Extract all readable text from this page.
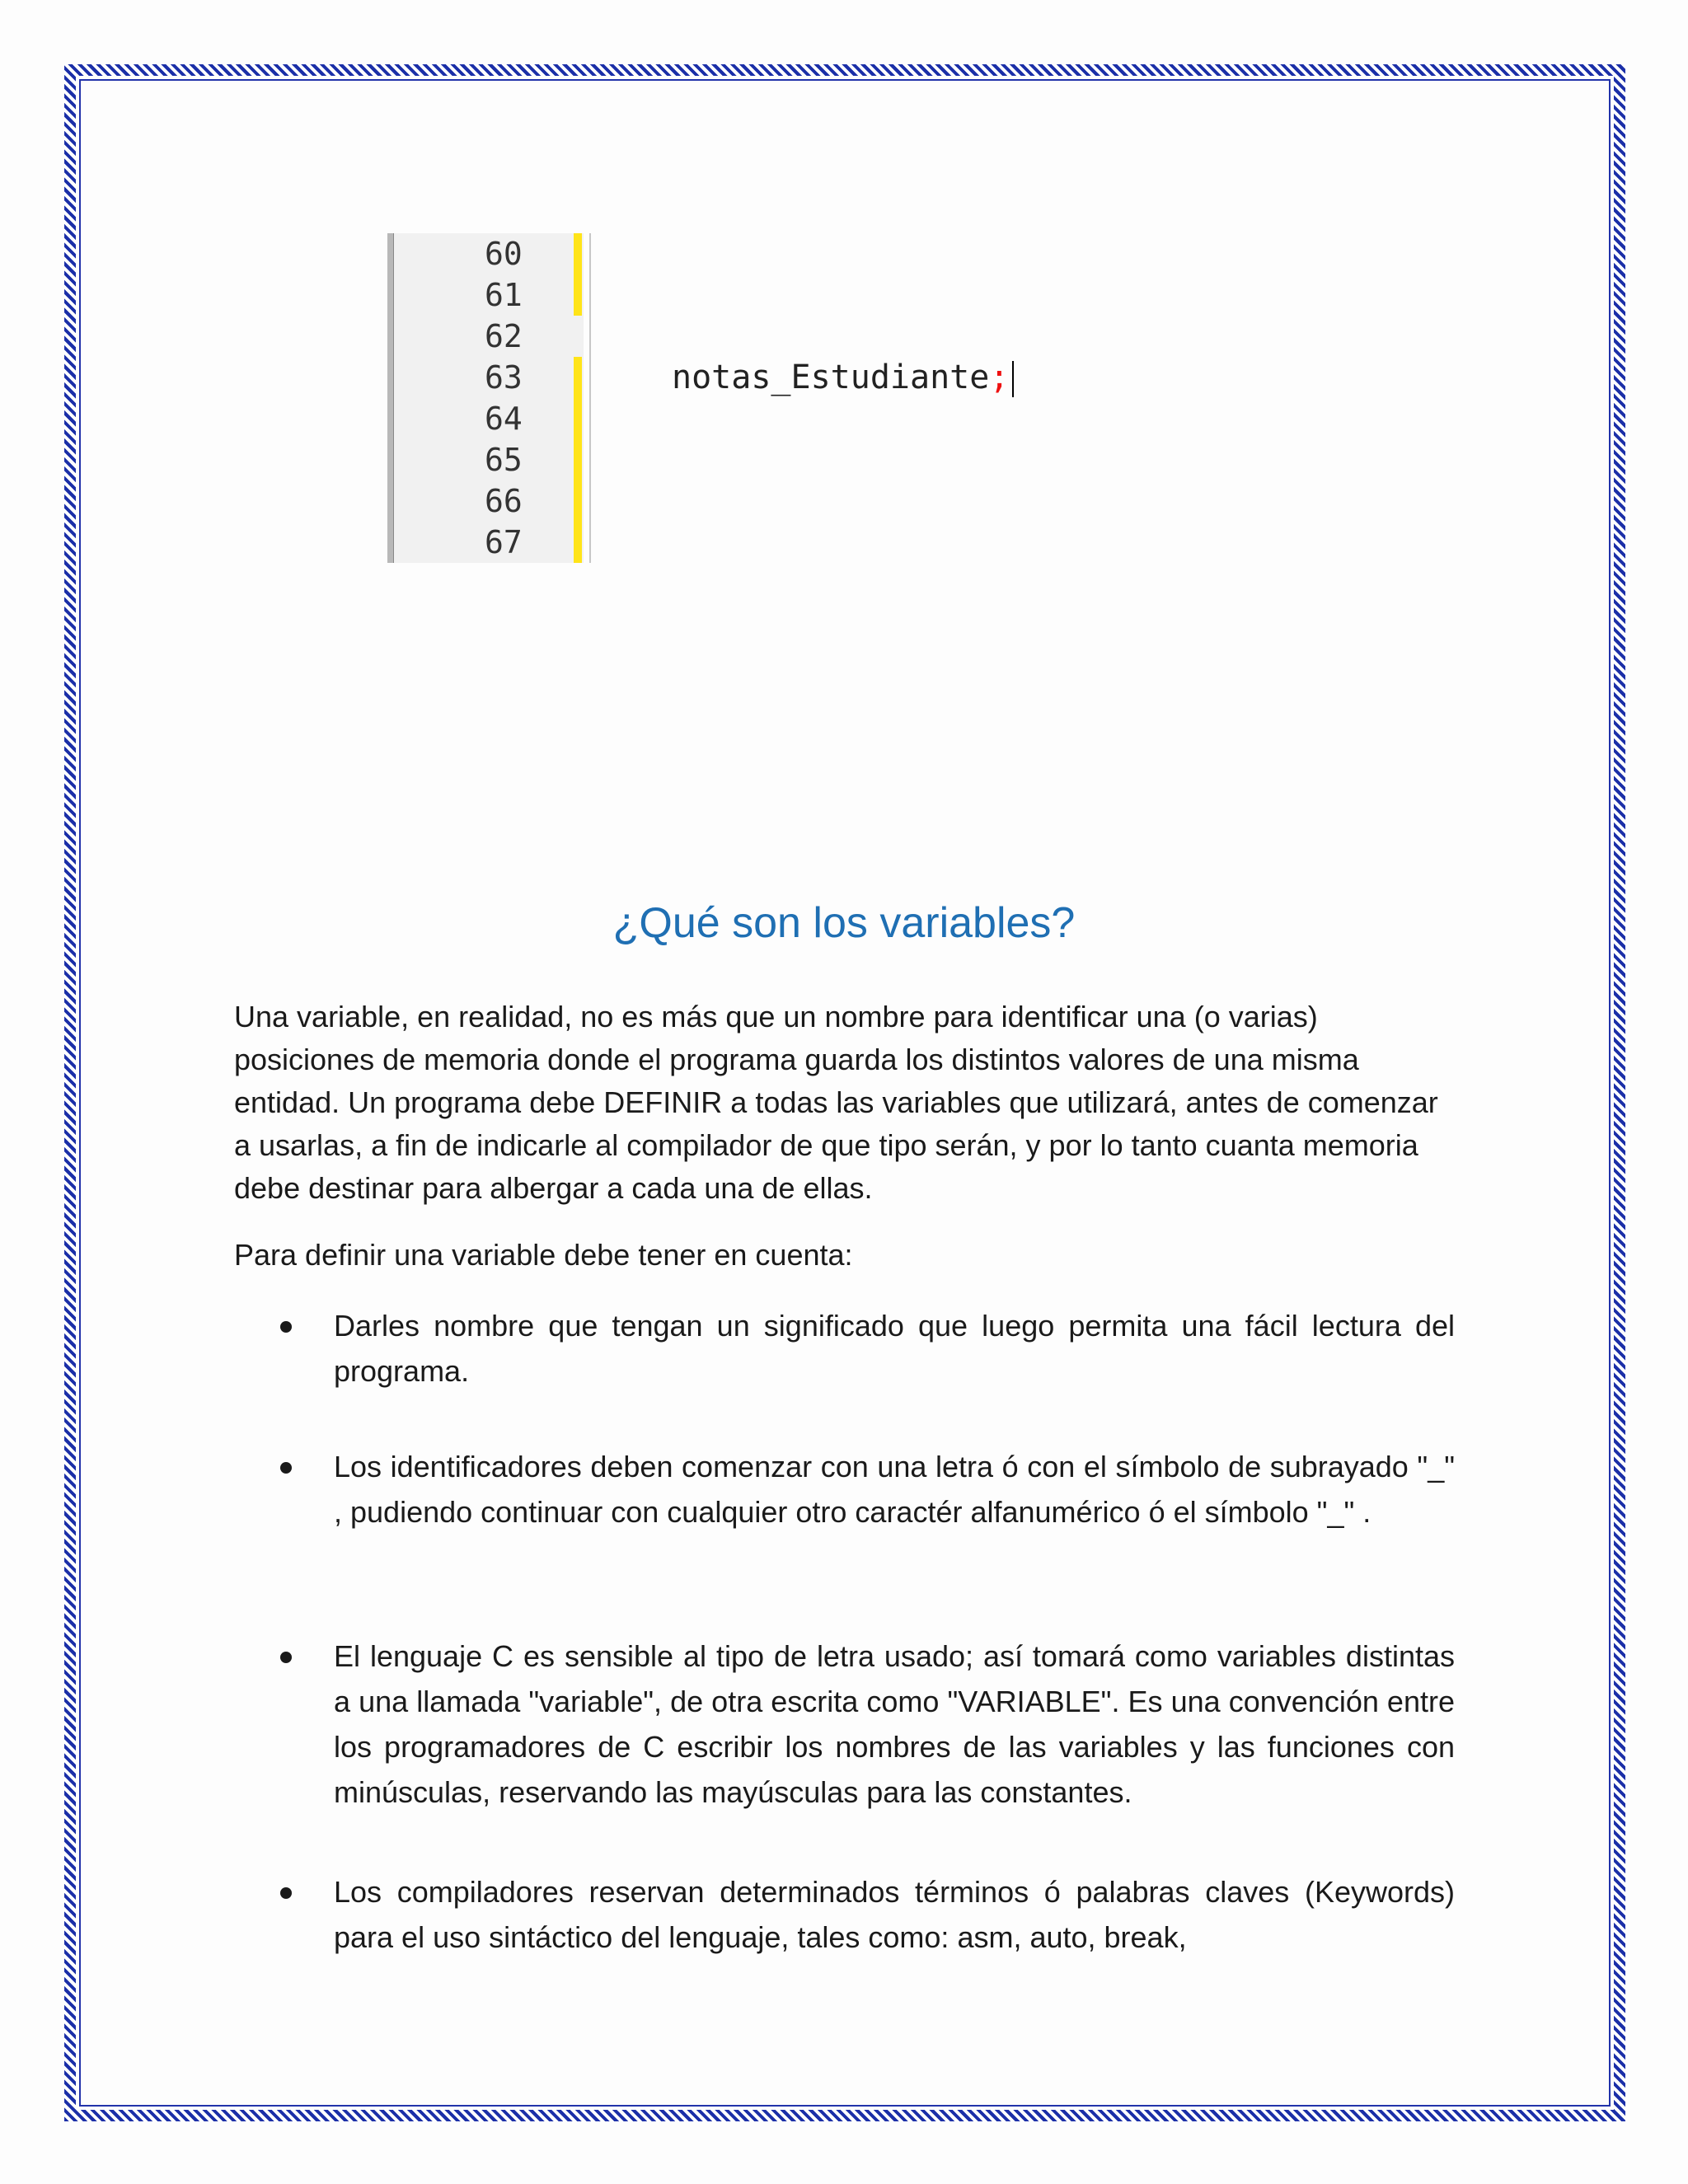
60
61
62
63
64
65
66
67
notas_Estudiante;
¿Qué son los variables?

Una variable, en realidad, no es más que un nombre para identificar una (o varias) posiciones de memoria donde el programa guarda los distintos valores de una misma entidad. Un programa debe DEFINIR a todas las variables que utilizará, antes de comenzar a usarlas, a fin de indicarle al compilador de que tipo serán, y por lo tanto cuanta memoria debe destinar para albergar a cada una de ellas.

Para definir una variable debe tener en cuenta:

Darles nombre que tengan un significado que luego permita una fácil lectura del programa.

Los identificadores deben comenzar con una letra ó con el símbolo de subrayado "_" , pudiendo continuar con cualquier otro caractér alfanumérico ó el símbolo "_" .

El lenguaje C es sensible al tipo de letra usado; así tomará como variables distintas a una llamada "variable", de otra escrita como "VARIABLE". Es una convención entre los programadores de C escribir los nombres de las variables y las funciones con minúsculas, reservando las mayúsculas para las constantes.

Los compiladores reservan determinados términos ó palabras claves (Keywords) para el uso sintáctico del lenguaje, tales como: asm, auto, break,
